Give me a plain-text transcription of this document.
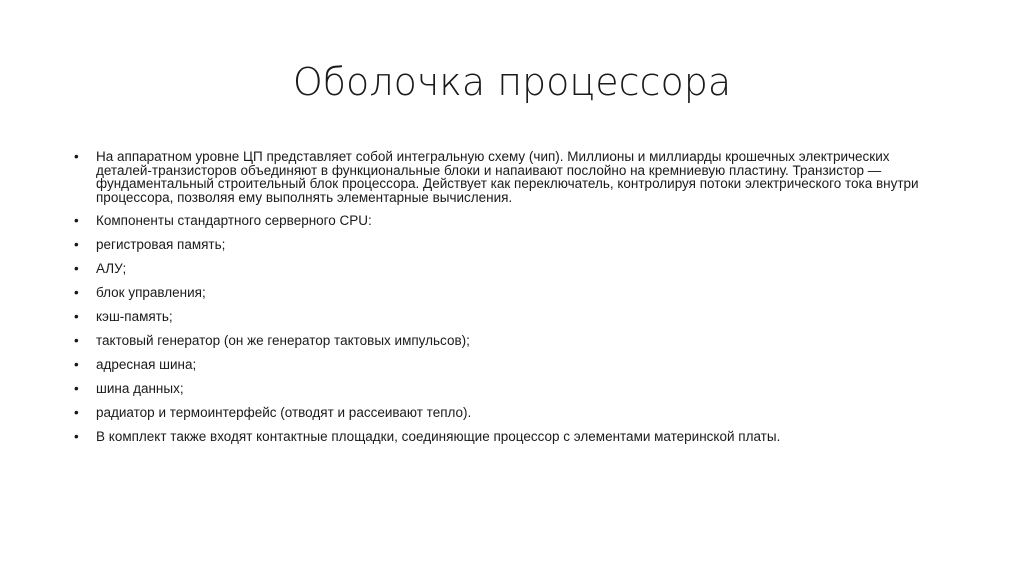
Оболочка процессора
•	На аппаратном уровне ЦП представляет собой интегральную схему (чип). Миллионы и миллиарды крошечных электрических деталей-транзисторов объединяют в функциональные блоки и напаивают послойно на кремниевую пластину. Транзистор — фундаментальный строительный блок процессора. Действует как переключатель, контролируя потоки электрического тока внутри процессора, позволяя ему выполнять элементарные вычисления.
•	Компоненты стандартного серверного CPU:
•	регистровая память;
•	АЛУ;
•	блок управления;
•	кэш-память;
•	тактовый генератор (он же генератор тактовых импульсов);
•	адресная шина;
•	шина данных;
•	радиатор и термоинтерфейс (отводят и рассеивают тепло).
•	В комплект также входят контактные площадки, соединяющие процессор с элементами материнской платы.
